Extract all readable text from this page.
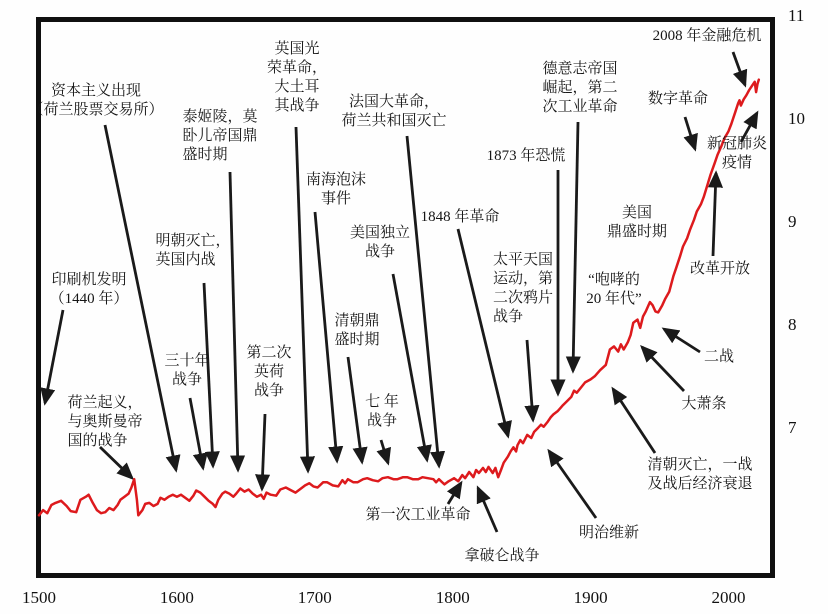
印刷机发明
（1440 年）
资本主义出现
（荷兰股票交易所）
荷兰起义，
与奥斯曼帝
国的战争
泰姬陵，莫
卧儿帝国鼎
盛时期
明朝灭亡，
英国内战
三十年
战争
第二次
英荷
战争
英国光
荣革命，
大土耳
其战争
南海泡沫
事件
法国大革命，
荷兰共和国灭亡
美国独立
战争
清朝鼎
盛时期
七 年
战争
1848 年革命
第一次工业革命
拿破仑战争
太平天国
运动，第
二次鸦片
战争
1873 年恐慌
德意志帝国
崛起，第二
次工业革命
美国
鼎盛时期
“咆哮的
20 年代”
明治维新
清朝灭亡，一战
及战后经济衰退
大萧条
二战
改革开放
数字革命
新冠肺炎
疫情
2008 年金融危机
1500	1600	1700	1800	1900	2000
7
8
9
10
11
